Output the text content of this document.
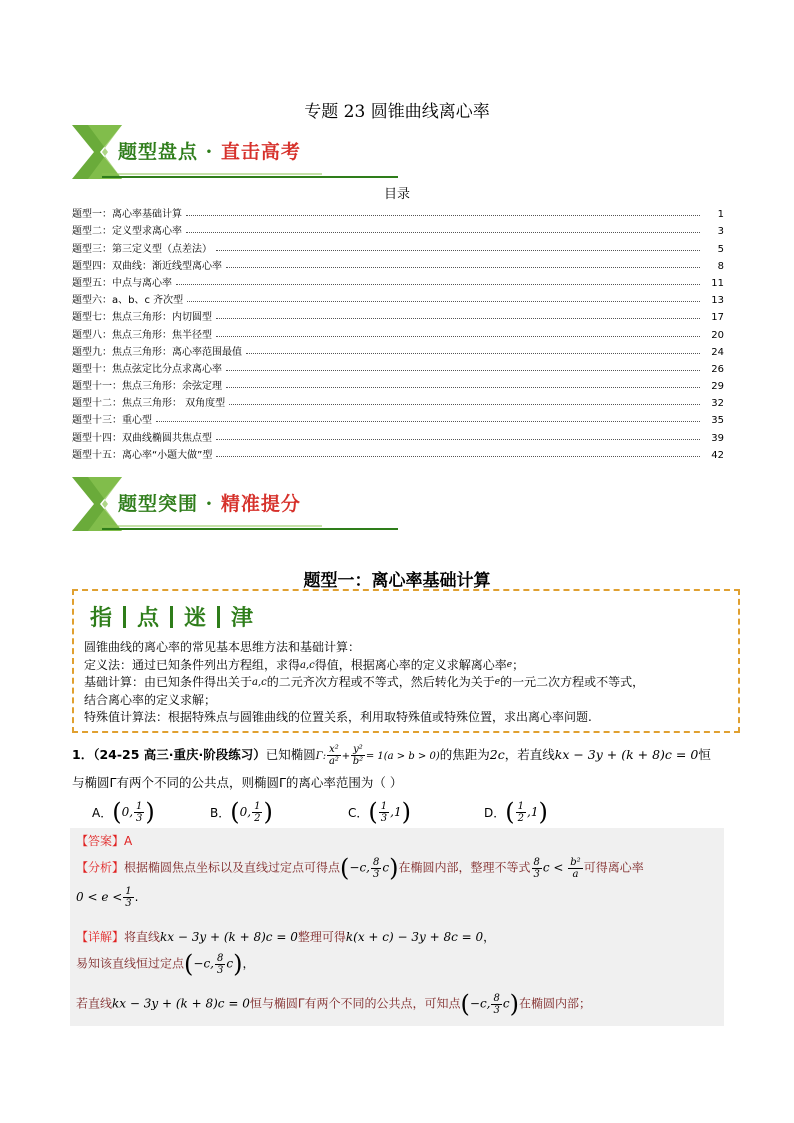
专题 23 圆锥曲线离心率
题型盘点 · 直击高考
目录
题型一：离心率基础计算	1
题型二：定义型求离心率	3
题型三：第三定义型（点差法）	5
题型四：双曲线：渐近线型离心率	8
题型五：中点与离心率	11
题型六：a、b、c 齐次型	13
题型七：焦点三角形：内切圆型	17
题型八：焦点三角形：焦半径型	20
题型九：焦点三角形：离心率范围最值	24
题型十：焦点弦定比分点求离心率	26
题型十一：焦点三角形：余弦定理	29
题型十二：焦点三角形： 双角度型	32
题型十三：重心型	35
题型十四：双曲线椭圆共焦点型	39
题型十五：离心率“小题大做”型	42
题型突围 · 精准提分
题型一：离心率基础计算
指 点 迷 津

圆锥曲线的离心率的常见基本思维方法和基础计算：

定义法：通过已知条件列出方程组，求得$^{a,c}$得值，根据离心率的定义求解离心率$^e$；

基础计算：由已知条件得出关于$^{a,c}$的二元齐次方程或不等式，然后转化为关于$^e$的一元二次方程或不等式，

结合离心率的定义求解；

特殊值计算法：根据特殊点与圆锥曲线的位置关系，利用取特殊值或特殊位置，求出离心率问题.

1．（24-25 高三·重庆·阶段练习）已知椭圆Γ: $\frac{\text{x²}}{\text{a²}} + \frac{\text{y²}}{\text{b²}} = 1(a > b > 0)$的焦距为2c，若直线kx − 3y + (k + 8)c = 0恒
与椭圆Γ有两个不同的公共点，则椭圆Γ的离心率范围为（ ）
A． ( 0, $\frac{1}{3}$ )	B． ( 0, $\frac{1}{2}$ )	C． ( $\frac{1}{3} ,1$ )	D． ( $\frac{1}{2} ,1$ )
【答案】A
【分析】根据椭圆焦点坐标以及直线过定点可得点(−c, $\frac{8}{3} c$)在椭圆内部，整理不等式 $\frac{8}{3}$ $c < \frac{\text{b²}}{a}$ 可得离心率
$0 < e < \frac{1}{3}$ .
【详解】将直线kx − 3y + (k + 8)c = 0整理可得k(x + c) − 3y + 8c = 0，
易知该直线恒过定点(−c, $\frac{8}{3} c$)，
若直线kx − 3y + (k + 8)c = 0恒与椭圆Γ有两个不同的公共点，可知点(−c, $\frac{8}{3} c$)在椭圆内部；
